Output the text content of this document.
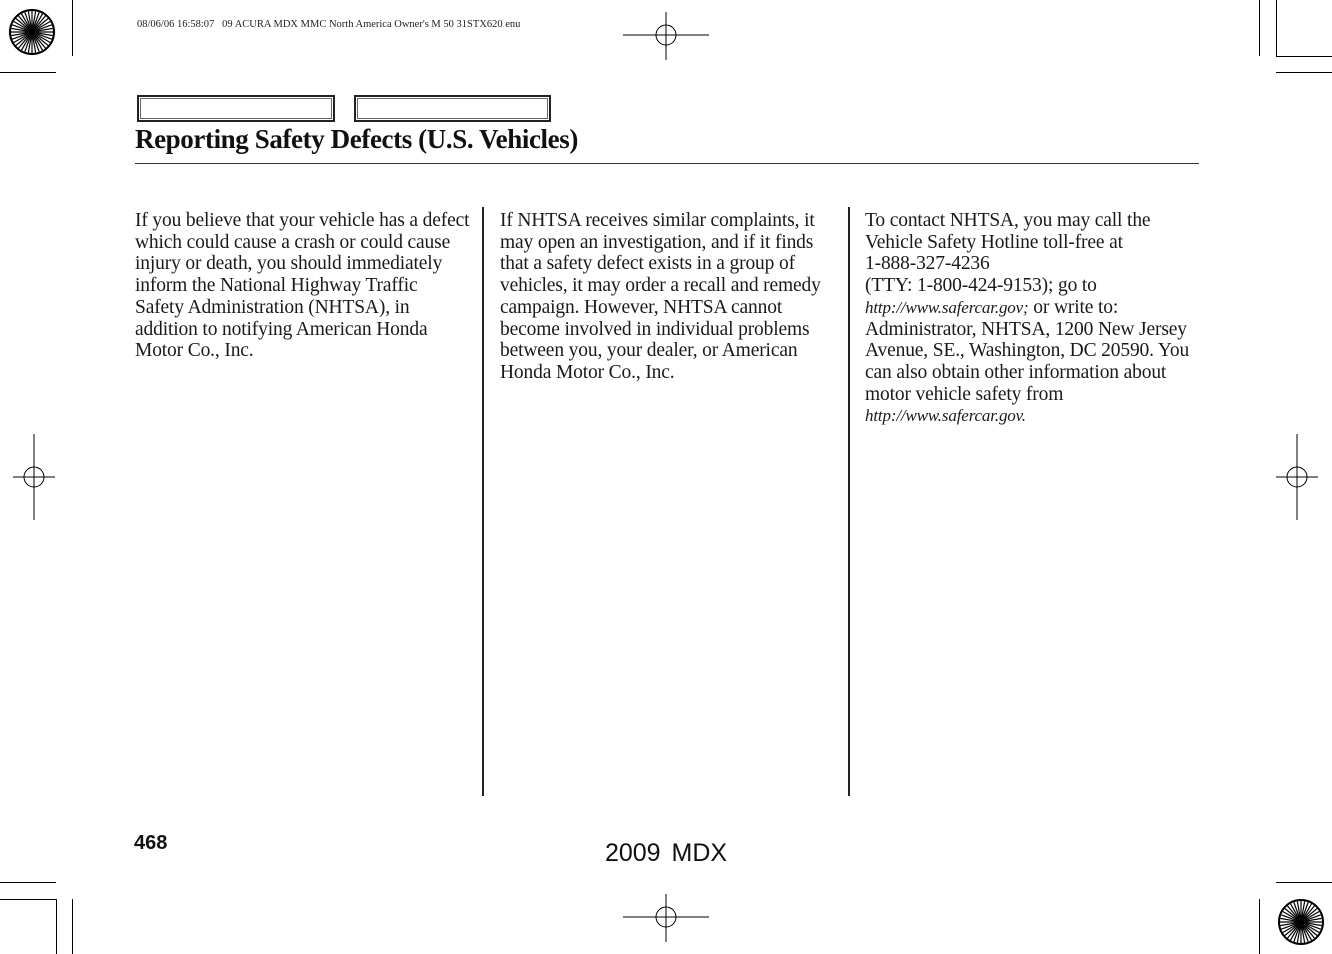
08/06/06 16:58:07 09 ACURA MDX MMC North America Owner's M 50 31STX620 enu
Reporting Safety Defects (U.S. Vehicles)

If you believe that your vehicle has a defect which could cause a crash or could cause injury or death, you should immediately inform the National Highway Traffic Safety Administration (NHTSA), in addition to notifying American Honda Motor Co., Inc.

If NHTSA receives similar complaints, it may open an investigation, and if it finds that a safety defect exists in a group of vehicles, it may order a recall and remedy campaign. However, NHTSA cannot become involved in individual problems between you, your dealer, or American Honda Motor Co., Inc.

To contact NHTSA, you may call the Vehicle Safety Hotline toll-free at
1-888-327-4236
(TTY: 1-800-424-9153); go to
http://www.safercar.gov; or write to: Administrator, NHTSA, 1200 New Jersey Avenue, SE., Washington, DC 20590. You can also obtain other information about motor vehicle safety from http://www.safercar.gov.

468	2009 MDX
